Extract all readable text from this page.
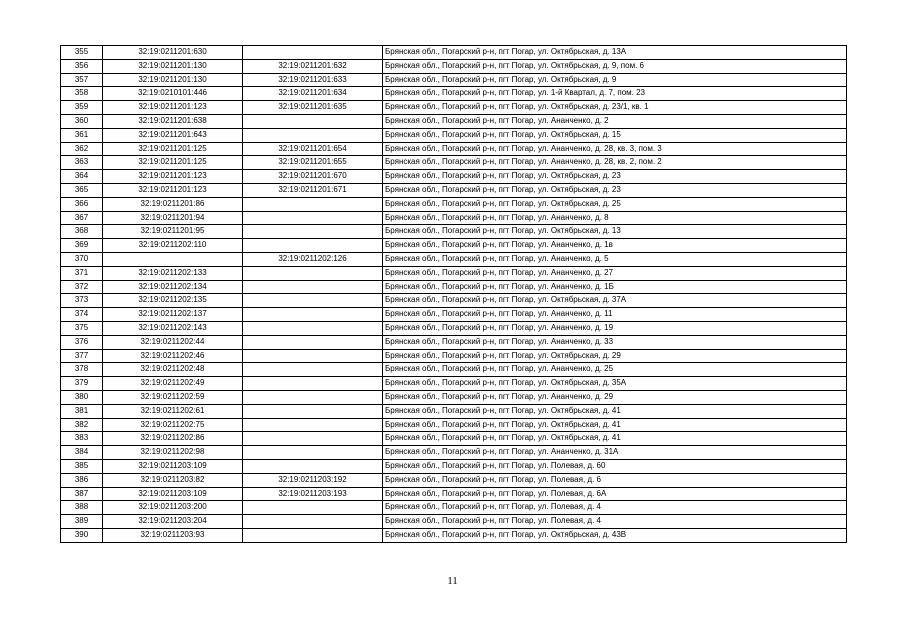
355	32:19:0211201:630		Брянская обл., Погарский р-н, пгт Погар, ул. Октябрьская, д. 13А
356	32:19:0211201:130	32:19:0211201:632	Брянская обл., Погарский р-н, пгт Погар, ул. Октябрьская, д. 9, пом. 6
357	32:19:0211201:130	32:19:0211201:633	Брянская обл., Погарский р-н, пгт Погар, ул. Октябрьская, д. 9
358	32:19:0210101:446	32:19:0211201:634	Брянская обл., Погарский р-н, пгт Погар, ул. 1-й Квартал, д. 7, пом. 23
359	32:19:0211201:123	32:19:0211201:635	Брянская обл., Погарский р-н, пгт Погар, ул. Октябрьская, д. 23/1, кв. 1
360	32:19:0211201:638		Брянская обл., Погарский р-н, пгт Погар, ул. Ананченко, д. 2
361	32:19:0211201:643		Брянская обл., Погарский р-н, пгт Погар, ул. Октябрьская, д. 15
362	32:19:0211201:125	32:19:0211201:654	Брянская обл., Погарский р-н, пгт Погар, ул. Ананченко, д. 28, кв. 3, пом. 3
363	32:19:0211201:125	32:19:0211201:655	Брянская обл., Погарский р-н, пгт Погар, ул. Ананченко, д. 28, кв. 2, пом. 2
364	32:19:0211201:123	32:19:0211201:670	Брянская обл., Погарский р-н, пгт Погар, ул. Октябрьская, д. 23
365	32:19:0211201:123	32:19:0211201:671	Брянская обл., Погарский р-н, пгт Погар, ул. Октябрьская, д. 23
366	32:19:0211201:86		Брянская обл., Погарский р-н, пгт Погар, ул. Октябрьская, д. 25
367	32:19:0211201:94		Брянская обл., Погарский р-н, пгт Погар, ул. Ананченко, д. 8
368	32:19:0211201:95		Брянская обл., Погарский р-н, пгт Погар, ул. Октябрьская, д. 13
369	32:19:0211202:110		Брянская обл., Погарский р-н, пгт Погар, ул. Ананченко, д. 1в
370		32:19:0211202:126	Брянская обл., Погарский р-н, пгт Погар, ул. Ананченко, д. 5
371	32:19:0211202:133		Брянская обл., Погарский р-н, пгт Погар, ул. Ананченко, д. 27
372	32:19:0211202:134		Брянская обл., Погарский р-н, пгт Погар, ул. Ананченко, д. 1Б
373	32:19:0211202:135		Брянская обл., Погарский р-н, пгт Погар, ул. Октябрьская, д. 37А
374	32:19:0211202:137		Брянская обл., Погарский р-н, пгт Погар, ул. Ананченко, д. 11
375	32:19:0211202:143		Брянская обл., Погарский р-н, пгт Погар, ул. Ананченко, д. 19
376	32:19:0211202:44		Брянская обл., Погарский р-н, пгт Погар, ул. Ананченко, д. 33
377	32:19:0211202:46		Брянская обл., Погарский р-н, пгт Погар, ул. Октябрьская, д. 29
378	32:19:0211202:48		Брянская обл., Погарский р-н, пгт Погар, ул. Ананченко, д. 25
379	32:19:0211202:49		Брянская обл., Погарский р-н, пгт Погар, ул. Октябрьская, д. 35А
380	32:19:0211202:59		Брянская обл., Погарский р-н, пгт Погар, ул. Ананченко, д. 29
381	32:19:0211202:61		Брянская обл., Погарский р-н, пгт Погар, ул. Октябрьская, д. 41
382	32:19:0211202:75		Брянская обл., Погарский р-н, пгт Погар, ул. Октябрьская, д. 41
383	32:19:0211202:86		Брянская обл., Погарский р-н, пгт Погар, ул. Октябрьская, д. 41
384	32:19:0211202:98		Брянская обл., Погарский р-н, пгт Погар, ул. Ананченко, д. 31А
385	32:19:0211203:109		Брянская обл., Погарский р-н, пгт Погар, ул. Полевая, д. 60
386	32:19:0211203:82	32:19:0211203:192	Брянская обл., Погарский р-н, пгт Погар, ул. Полевая, д. 6
387	32:19:0211203:109	32:19:0211203:193	Брянская обл., Погарский р-н, пгт Погар, ул. Полевая, д. 6А
388	32:19:0211203:200		Брянская обл., Погарский р-н, пгт Погар, ул. Полевая, д. 4
389	32:19:0211203:204		Брянская обл., Погарский р-н, пгт Погар, ул. Полевая, д. 4
390	32:19:0211203:93		Брянская обл., Погарский р-н, пгт Погар, ул. Октябрьская, д. 43В
11
